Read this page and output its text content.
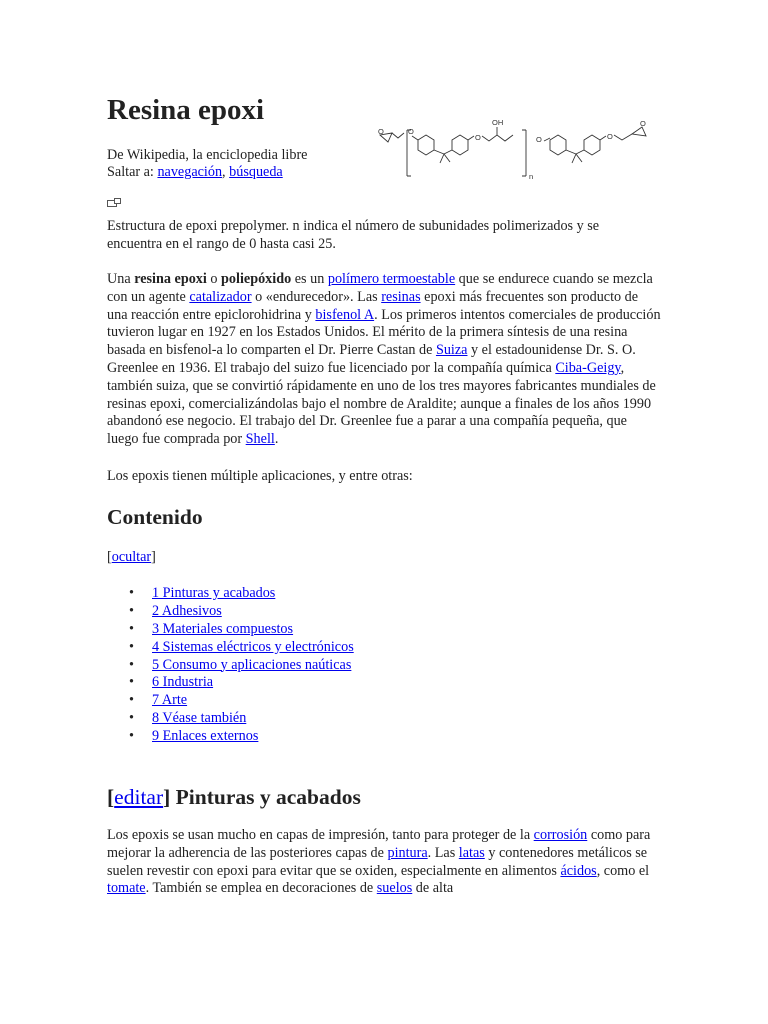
Resina epoxi
De Wikipedia, la enciclopedia libre
Saltar a: navegación, búsqueda
O
O	O	O
O
O
OH
n
Estructura de epoxi prepolymer. n indica el número de subunidades polimerizados y se encuentra en el rango de 0 hasta casi 25.
Una resina epoxi o poliepóxido es un polímero termoestable que se endurece cuando se mezcla con un agente catalizador o «endurecedor». Las resinas epoxi más frecuentes son producto de una reacción entre epiclorohidrina y bisfenol A. Los primeros intentos comerciales de producción tuvieron lugar en 1927 en los Estados Unidos. El mérito de la primera síntesis de una resina basada en bisfenol-a lo comparten el Dr. Pierre Castan de Suiza y el estadounidense Dr. S. O. Greenlee en 1936. El trabajo del suizo fue licenciado por la compañía química Ciba-Geigy, también suiza, que se convirtió rápidamente en uno de los tres mayores fabricantes mundiales de resinas epoxi, comercializándolas bajo el nombre de Araldite; aunque a finales de los años 1990 abandonó ese negocio. El trabajo del Dr. Greenlee fue a parar a una compañía pequeña, que luego fue comprada por Shell.
Los epoxis tienen múltiple aplicaciones, y entre otras:
Contenido
[ocultar]
• 1 Pinturas y acabados
• 2 Adhesivos
• 3 Materiales compuestos
• 4 Sistemas eléctricos y electrónicos
• 5 Consumo y aplicaciones naúticas
• 6 Industria
• 7 Arte
• 8 Véase también
• 9 Enlaces externos
[editar] Pinturas y acabados
Los epoxis se usan mucho en capas de impresión, tanto para proteger de la corrosión como para mejorar la adherencia de las posteriores capas de pintura. Las latas y contenedores metálicos se suelen revestir con epoxi para evitar que se oxiden, especialmente en alimentos ácidos, como el tomate. También se emplea en decoraciones de suelos de alta
